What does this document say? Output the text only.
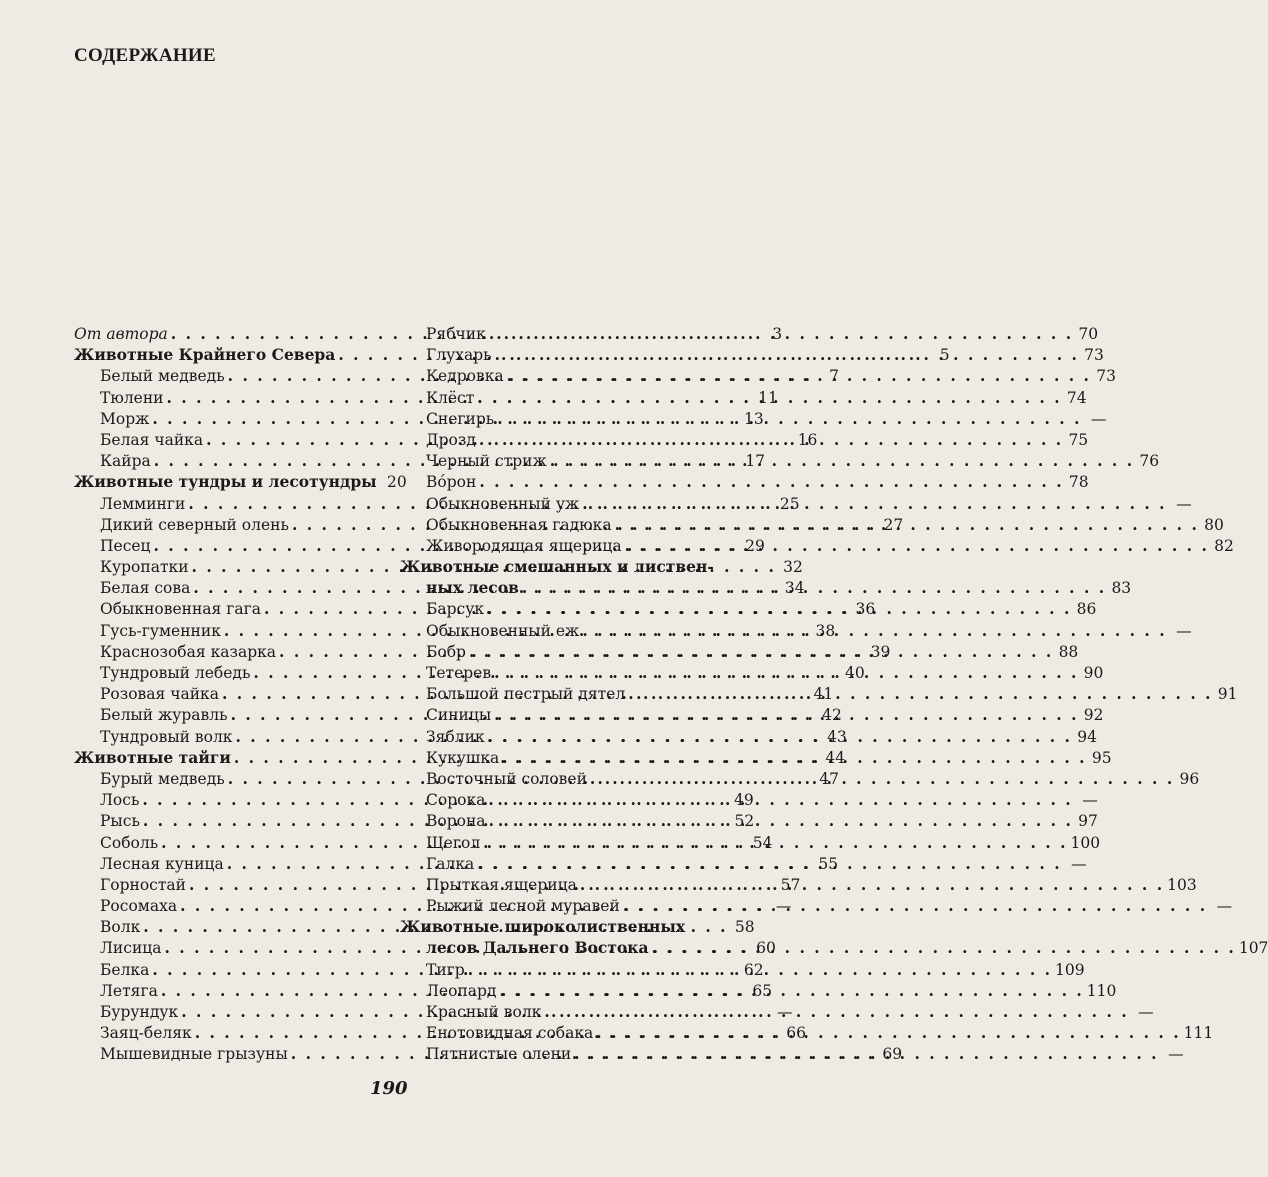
СОДЕРЖАНИЕ
От автора . . .	3
Животные Крайнего Севера . . .	5
Белый медведь . . .	7
Тюлени . . .	11
Морж . . .	13
Белая чайка . . .	16
Кайра . . .	17
Животные тундры и лесотундры 20
Лемминги . . .	25
Дикий северный олень . . .	27
Песец . . .	29
Куропатки . . .	32
Белая сова . . .	34
Обыкновенная гага . . .	36
Гусь-гуменник . . .	38
Краснозобая казарка . . .	39
Тундровый лебедь . . .	40
Розовая чайка . . .	41
Белый журавль . . .	42
Тундровый волк . . .	43
Животные тайги . . .	44
Бурый медведь . . .	47
Лось . . .	49
Рысь . . .	52
Соболь . . .	54
Лесная куница . . .	55
Горностай . . .	57
Росомаха . . .	—
Волк . . .	58
Лисица . . .	60
Белка . . .	62
Летяга . . .	65
Бурундук . . .	—
Заяц-беляк . . .	66
Мышевидные грызуны . . .	69
Рябчик . . .	70
Глухарь . . .	73
Кедровка . . .	73
Клёст . . .	74
Снегирь . . .	—
Дрозд . . .	75
Черный стриж . . .	76
Во́рон . . .	78
Обыкновенный уж . . .	—
Обыкновенная гадюка . . .	80
Живородящая ящерица . . .	82
Животные смешанных и листвен-
ных лесов . . .	83
Барсук . . .	86
Обыкновенный еж . . .	—
Бобр . . .	88
Тетерев . . .	90
Большой пестрый дятел . . .	91
Синицы . . .	92
Зяблик . . .	94
Кукушка . . .	95
Восточный соловей . . .	96
Сорока . . .	—
Ворона . . .	97
Щегол . . .	100
Галка . . .	—
Прыткая ящерица . . .	103
Рыжий лесной муравей . . .	—
Животные широколиственных
лесов Дальнего Востока . . .	107
Тигр . . .	109
Леопард . . .	110
Красный волк . . .	—
Енотовидная собака . . .	111
Пятнистые олени . . .	—
190
